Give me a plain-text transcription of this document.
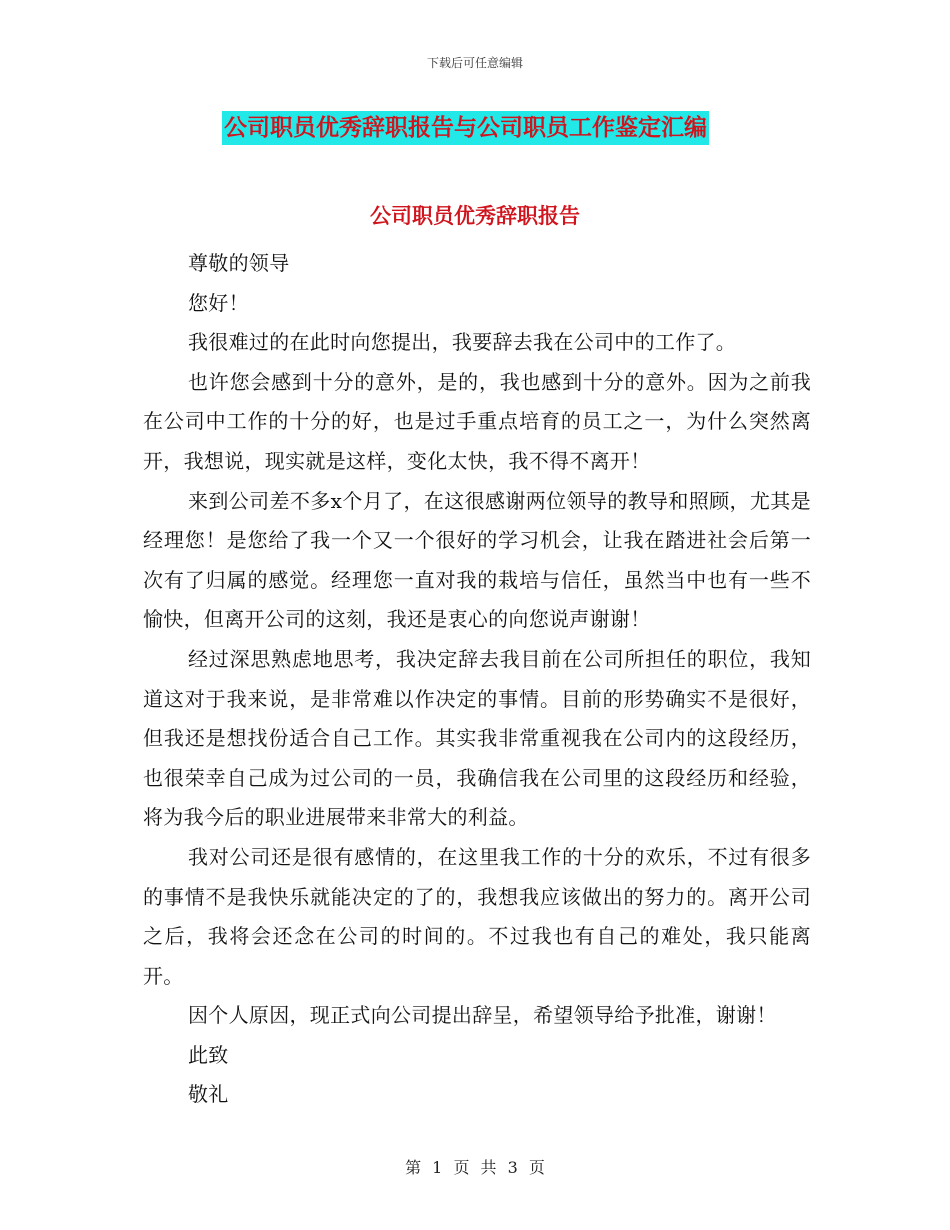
下载后可任意编辑
公司职员优秀辞职报告与公司职员工作鉴定汇编
公司职员优秀辞职报告

尊敬的领导

您好！

我很难过的在此时向您提出，我要辞去我在公司中的工作了。

也许您会感到十分的意外，是的，我也感到十分的意外。因为之前我在公司中工作的十分的好，也是过手重点培育的员工之一，为什么突然离开，我想说，现实就是这样，变化太快，我不得不离开！

来到公司差不多x个月了，在这很感谢两位领导的教导和照顾，尤其是经理您！是您给了我一个又一个很好的学习机会，让我在踏进社会后第一次有了归属的感觉。经理您一直对我的栽培与信任，虽然当中也有一些不愉快，但离开公司的这刻，我还是衷心的向您说声谢谢！

经过深思熟虑地思考，我决定辞去我目前在公司所担任的职位，我知道这对于我来说，是非常难以作决定的事情。目前的形势确实不是很好，但我还是想找份适合自己工作。其实我非常重视我在公司内的这段经历，也很荣幸自己成为过公司的一员，我确信我在公司里的这段经历和经验，将为我今后的职业进展带来非常大的利益。

我对公司还是很有感情的，在这里我工作的十分的欢乐，不过有很多的事情不是我快乐就能决定的了的，我想我应该做出的努力的。离开公司之后，我将会还念在公司的时间的。不过我也有自己的难处，我只能离开。

因个人原因，现正式向公司提出辞呈，希望领导给予批准，谢谢！

此致

敬礼

第 1 页 共 3 页
